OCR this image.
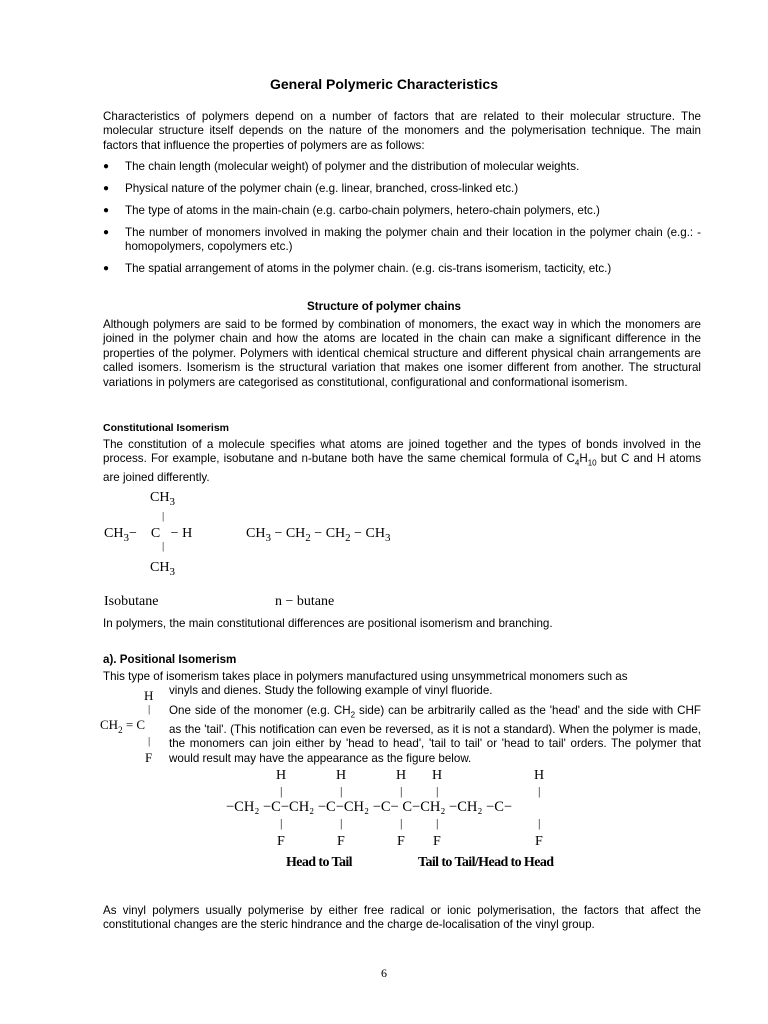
General Polymeric Characteristics
Characteristics of polymers depend on a number of factors that are related to their molecular structure. The molecular structure itself depends on the nature of the monomers and the polymerisation technique. The main factors that influence the properties of polymers are as follows:
● The chain length (molecular weight) of polymer and the distribution of molecular weights.
● Physical nature of the polymer chain (e.g. linear, branched, cross-linked etc.)
● The type of atoms in the main-chain (e.g. carbo-chain polymers, hetero-chain polymers, etc.)
● The number of monomers involved in making the polymer chain and their location in the polymer chain (e.g.: - homopolymers, copolymers etc.)
● The spatial arrangement of atoms in the polymer chain. (e.g. cis-trans isomerism, tacticity, etc.)
Structure of polymer chains
Although polymers are said to be formed by combination of monomers, the exact way in which the monomers are joined in the polymer chain and how the atoms are located in the chain can make a significant difference in the properties of the polymer. Polymers with identical chemical structure and different physical chain arrangements are called isomers. Isomerism is the structural variation that makes one isomer different from another. The structural variations in polymers are categorised as constitutional, configurational and conformational isomerism.
Constitutional Isomerism
The constitution of a molecule specifies what atoms are joined together and the types of bonds involved in the process. For example, isobutane and n-butane both have the same chemical formula of $C_4H_{10}$ but C and H atoms are joined differently.
$CH_3$
|
$CH_3-$    C   − H
|
$CH_3$
Isobutane
$CH_3 - CH_2 - CH_2 - CH_3$
n − butane
In polymers, the main constitutional differences are positional isomerism and branching.
a). Positional Isomerism
This type of isomerism takes place in polymers manufactured using unsymmetrical monomers such as
H
|
$CH_2 = C$
|
F
vinyls and dienes. Study the following example of vinyl fluoride.
One side of the monomer (e.g. $CH_2$ side) can be arbitrarily called as the 'head' and the side with CHF as the 'tail'. (This notification can even be reversed, as it is not a standard). When the polymer is made, the monomers can join either by 'head to head', 'tail to tail' or 'head to tail' orders. The polymer that would result may have the appearance as the figure below.
H	H	H H	H
|	|	|	|	|
−CH₂ −C−CH₂ −C−CH₂ −C− C−CH₂ −CH₂ −C−
|	|	|	|	|
F	F	F F	F
Head to Tail	Tail to Tail/Head to Head
As vinyl polymers usually polymerise by either free radical or ionic polymerisation, the factors that affect the constitutional changes are the steric hindrance and the charge de-localisation of the vinyl group.
6
